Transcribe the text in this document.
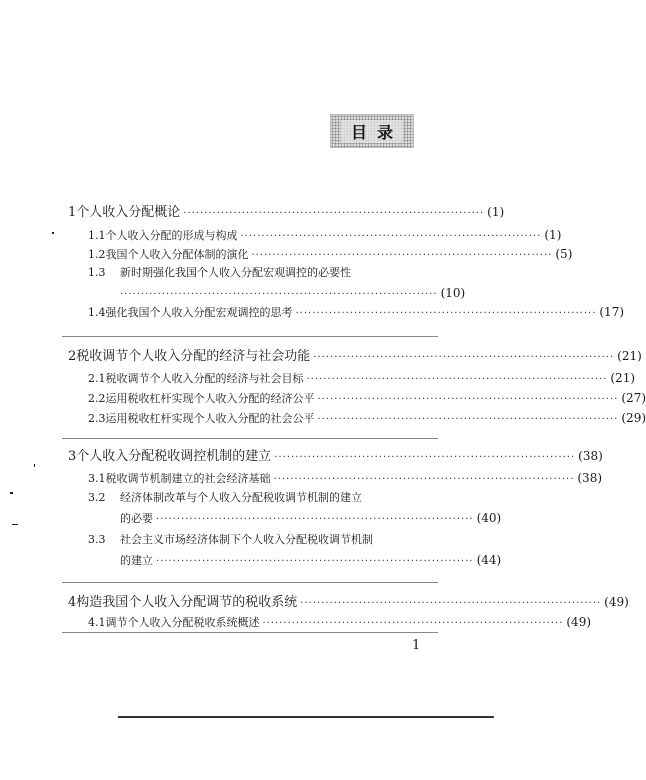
目录
1 个人收入分配概论 ········································································ (1)
1.1 个人收入分配的形成与构成 ········································································ (1)
1.2 我国个人收入分配体制的演化 ········································································ (5)
1.3	新时期强化我国个人收入分配宏观调控的必要性
············································································ (10)
1.4 强化我国个人收入分配宏观调控的思考 ········································································ (17)
2 税收调节个人收入分配的经济与社会功能 ········································································ (21)
2.1 税收调节个人收入分配的经济与社会目标 ········································································ (21)
2.2 运用税收杠杆实现个人收入分配的经济公平 ········································································ (27)
2.3 运用税收杠杆实现个人收入分配的社会公平 ········································································ (29)
3 个人收入分配税收调控机制的建立 ········································································ (38)
3.1 税收调节机制建立的社会经济基础 ········································································ (38)
3.2	经济体制改革与个人收入分配税收调节机制的建立
的必要 ············································································ (40)
3.3	社会主义市场经济体制下个人收入分配税收调节机制
的建立 ············································································ (44)
4 构造我国个人收入分配调节的税收系统 ········································································ (49)
4.1 调节个人收入分配税收系统概述 ········································································ (49)
1
